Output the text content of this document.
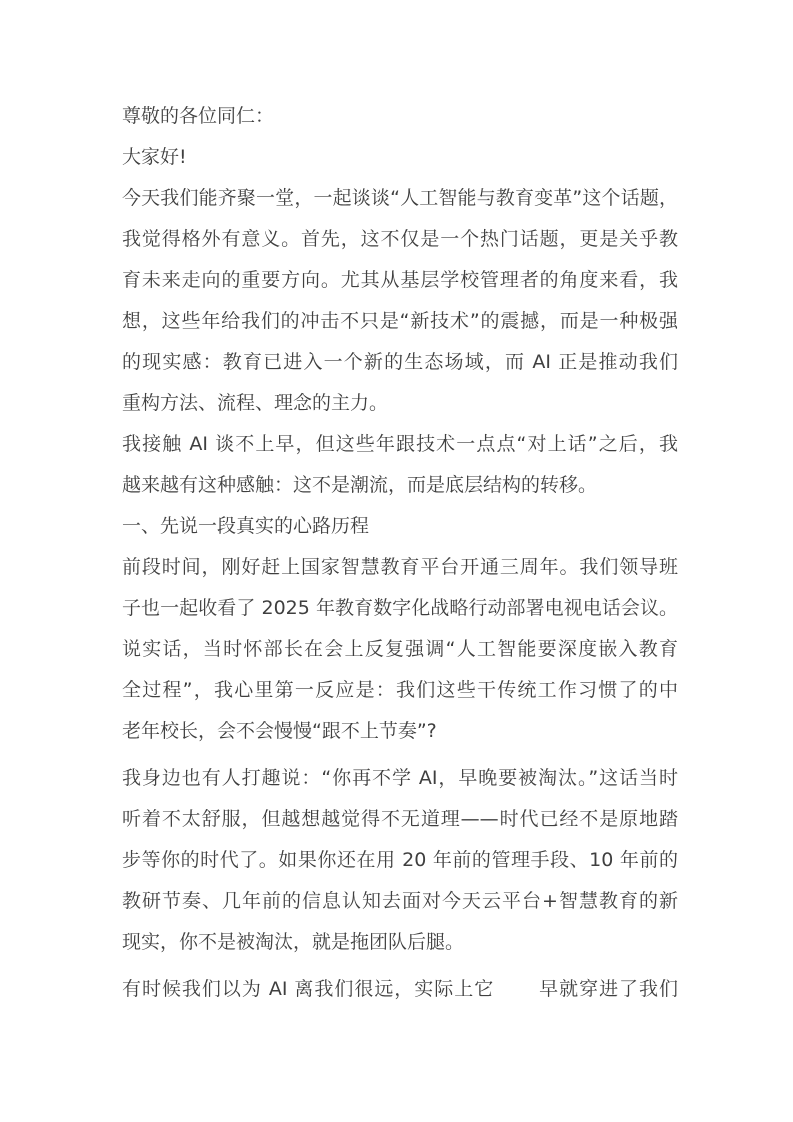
尊敬的各位同仁：
大家好!
今天我们能齐聚一堂，一起谈谈“人工智能与教育变革”这个话题，
我觉得格外有意义。首先，这不仅是一个热门话题，更是关乎教
育未来走向的重要方向。尤其从基层学校管理者的角度来看，我
想，这些年给我们的冲击不只是“新技术”的震撼，而是一种极强
的现实感：教育已进入一个新的生态场域，而 AI 正是推动我们
重构方法、流程、理念的主力。
我接触 AI 谈不上早，但这些年跟技术一点点“对上话”之后，我
越来越有这种感触：这不是潮流，而是底层结构的转移。
一、先说一段真实的心路历程
前段时间，刚好赶上国家智慧教育平台开通三周年。我们领导班
子也一起收看了 2025 年教育数字化战略行动部署电视电话会议。
说实话，当时怀部长在会上反复强调“人工智能要深度嵌入教育
全过程”，我心里第一反应是：我们这些干传统工作习惯了的中
老年校长，会不会慢慢“跟不上节奏”?
我身边也有人打趣说：“你再不学 AI，早晚要被淘汰。”这话当时
听着不太舒服，但越想越觉得不无道理——时代已经不是原地踏
步等你的时代了。如果你还在用 20 年前的管理手段、10 年前的
教研节奏、几年前的信息认知去面对今天云平台+智慧教育的新
现实，你不是被淘汰，就是拖团队后腿。
有时候我们以为 AI 离我们很远，实际上它 早就穿进了我们
